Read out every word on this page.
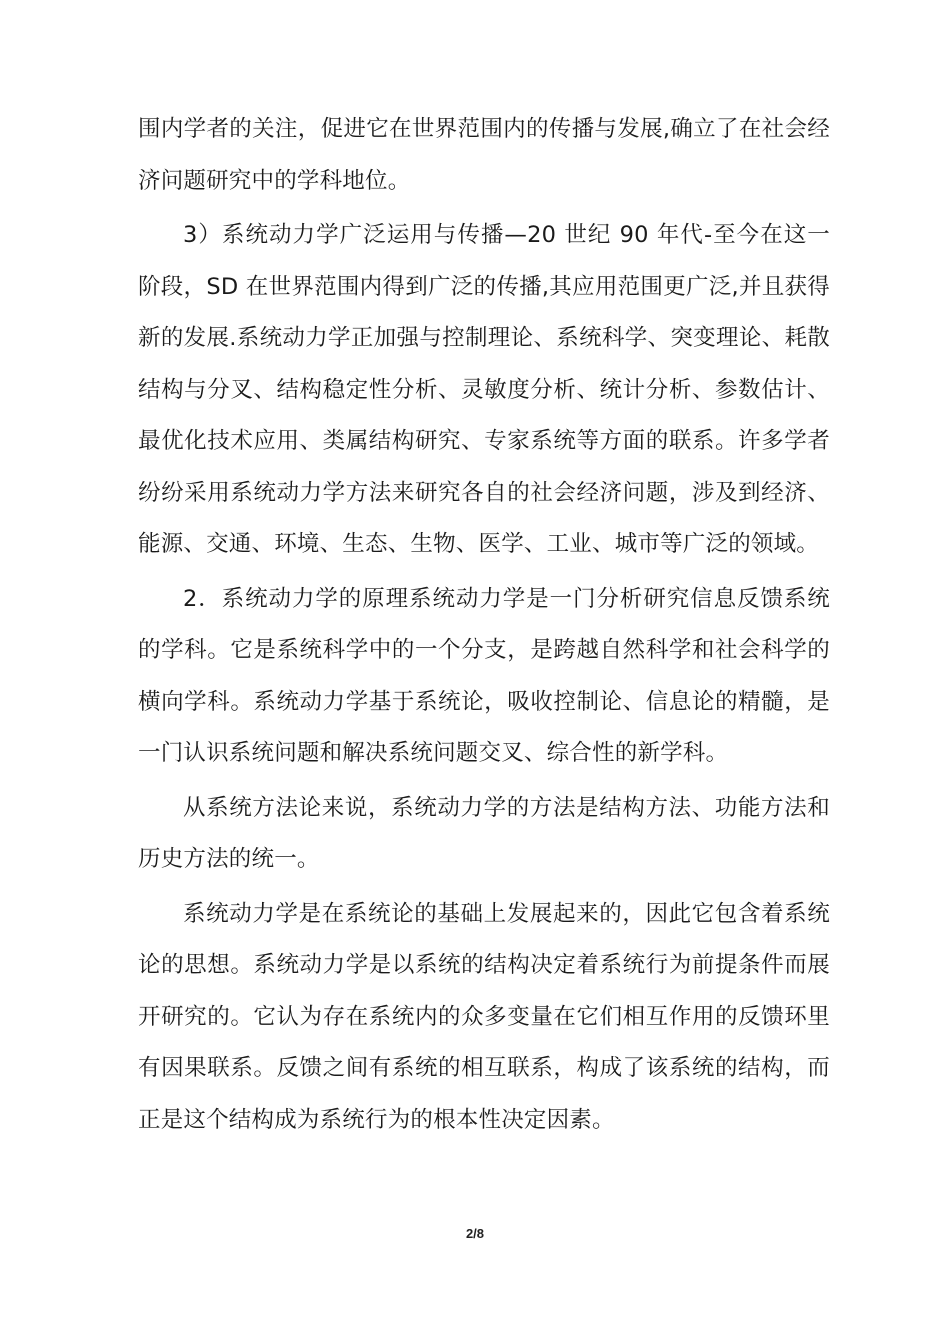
围内学者的关注，促进它在世界范围内的传播与发展,确立了在社会经济问题研究中的学科地位。

3）系统动力学广泛运用与传播—20 世纪 90 年代-至今在这一阶段，SD 在世界范围内得到广泛的传播,其应用范围更广泛,并且获得新的发展.系统动力学正加强与控制理论、系统科学、突变理论、耗散结构与分叉、结构稳定性分析、灵敏度分析、统计分析、参数估计、最优化技术应用、类属结构研究、专家系统等方面的联系。许多学者纷纷采用系统动力学方法来研究各自的社会经济问题，涉及到经济、能源、交通、环境、生态、生物、医学、工业、城市等广泛的领域。

2．系统动力学的原理系统动力学是一门分析研究信息反馈系统的学科。它是系统科学中的一个分支，是跨越自然科学和社会科学的横向学科。系统动力学基于系统论，吸收控制论、信息论的精髓，是一门认识系统问题和解决系统问题交叉、综合性的新学科。

从系统方法论来说，系统动力学的方法是结构方法、功能方法和历史方法的统一。

系统动力学是在系统论的基础上发展起来的，因此它包含着系统论的思想。系统动力学是以系统的结构决定着系统行为前提条件而展开研究的。它认为存在系统内的众多变量在它们相互作用的反馈环里有因果联系。反馈之间有系统的相互联系，构成了该系统的结构，而正是这个结构成为系统行为的根本性决定因素。

2/8
